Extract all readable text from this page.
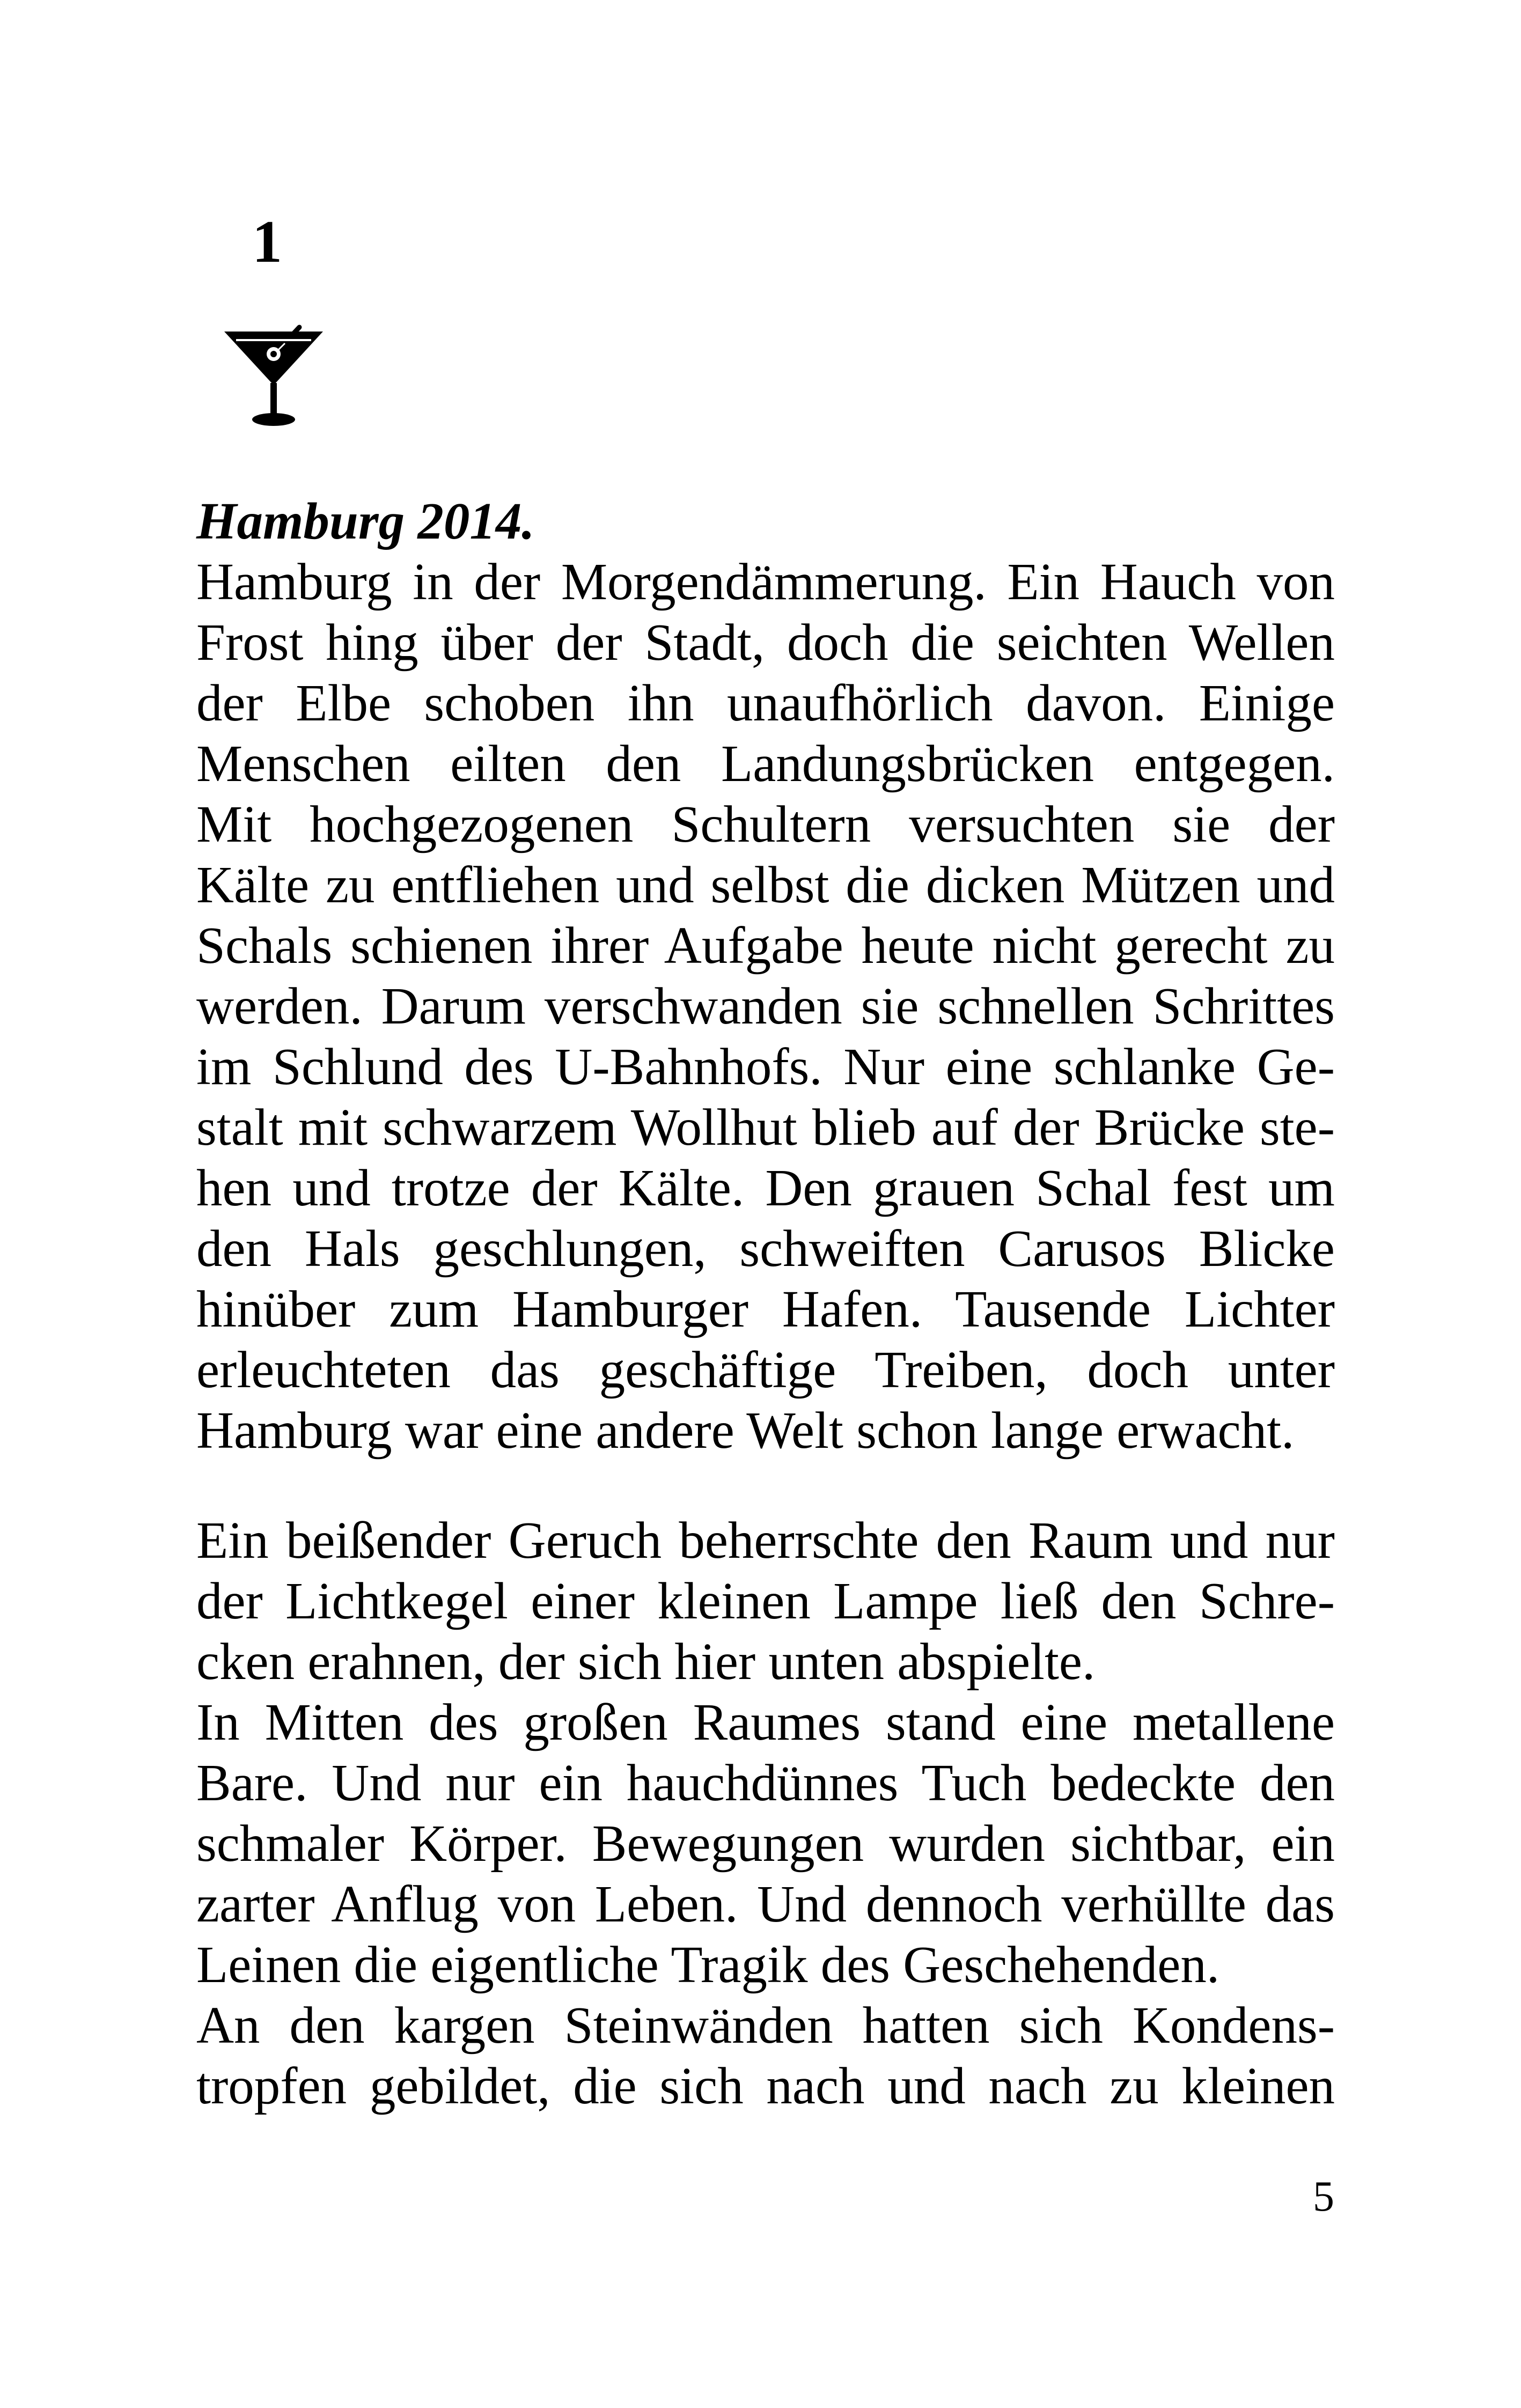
1
Hamburg 2014.
Hamburg in der Morgendämmerung. Ein Hauch von
Frost hing über der Stadt, doch die seichten Wellen
der Elbe schoben ihn unaufhörlich davon. Einige
Menschen eilten den Landungsbrücken entgegen.
Mit hochgezogenen Schultern versuchten sie der
Kälte zu entfliehen und selbst die dicken Mützen und
Schals schienen ihrer Aufgabe heute nicht gerecht zu
werden. Darum verschwanden sie schnellen Schrittes
im Schlund des U-Bahnhofs. Nur eine schlanke Ge-
stalt mit schwarzem Wollhut blieb auf der Brücke ste-
hen und trotze der Kälte. Den grauen Schal fest um
den Hals geschlungen, schweiften Carusos Blicke
hinüber zum Hamburger Hafen. Tausende Lichter
erleuchteten das geschäftige Treiben, doch unter
Hamburg war eine andere Welt schon lange erwacht.
Ein beißender Geruch beherrschte den Raum und nur
der Lichtkegel einer kleinen Lampe ließ den Schre-
cken erahnen, der sich hier unten abspielte.
In Mitten des großen Raumes stand eine metallene
Bare. Und nur ein hauchdünnes Tuch bedeckte den
schmaler Körper. Bewegungen wurden sichtbar, ein
zarter Anflug von Leben. Und dennoch verhüllte das
Leinen die eigentliche Tragik des Geschehenden.
An den kargen Steinwänden hatten sich Kondens-
tropfen gebildet, die sich nach und nach zu kleinen
5
